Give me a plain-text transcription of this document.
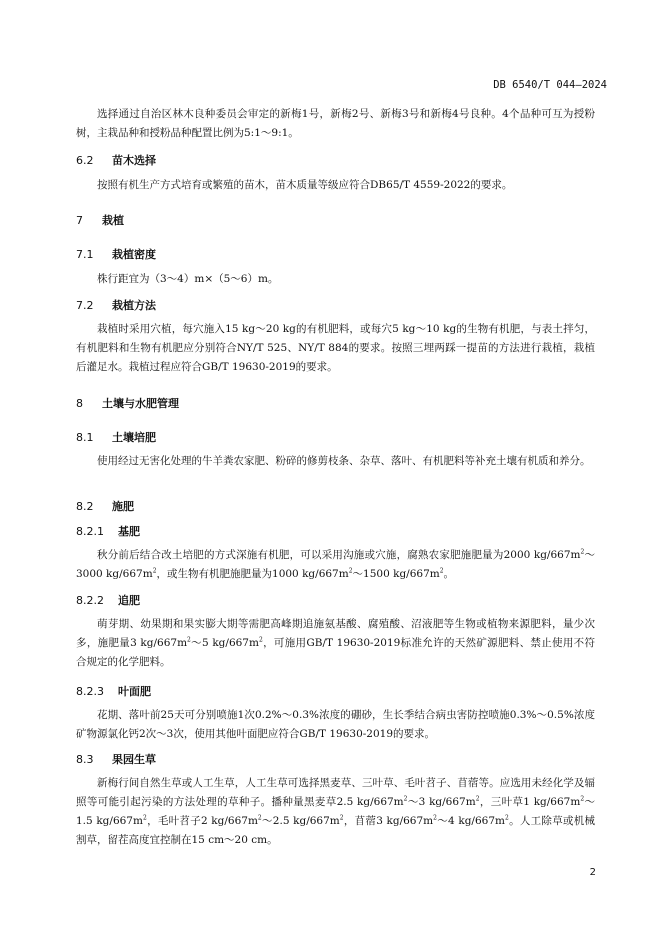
DB 6540/T 044—2024

选择通过自治区林木良种委员会审定的新梅1号，新梅2号、新梅3号和新梅4号良种。4个品种可互为授粉树，主栽品种和授粉品种配置比例为5:1～9:1。

6.2 苗木选择

按照有机生产方式培育或繁殖的苗木，苗木质量等级应符合DB65/T 4559-2022的要求。

7 栽植
7.1 栽植密度

株行距宜为（3～4）m×（5～6）m。

7.2 栽植方法

栽植时采用穴植，每穴施入15 kg～20 kg的有机肥料，或每穴5 kg～10 kg的生物有机肥，与表土拌匀，有机肥料和生物有机肥应分别符合NY/T 525、NY/T 884的要求。按照三埋两踩一提苗的方法进行栽植，栽植后灌足水。栽植过程应符合GB/T 19630-2019的要求。

8 土壤与水肥管理
8.1 土壤培肥

使用经过无害化处理的牛羊粪农家肥、粉碎的修剪枝条、杂草、落叶、有机肥料等补充土壤有机质和养分。

8.2 施肥
8.2.1 基肥

秋分前后结合改土培肥的方式深施有机肥，可以采用沟施或穴施，腐熟农家肥施肥量为2000 $kg/667m^2\sim 3000$ $kg/667m^2$，或生物有机肥施肥量为1000 $kg/667m^2\sim 1500$ $kg/667m^2$。

8.2.2 追肥

萌芽期、幼果期和果实膨大期等需肥高峰期追施氨基酸、腐殖酸、沼液肥等生物或植物来源肥料，量少次多，施肥量3 $kg/667m^2\sim 5$ $kg/667m^2$，可施用GB/T 19630-2019标准允许的天然矿源肥料、禁止使用不符合规定的化学肥料。

8.2.3 叶面肥

花期、落叶前25天可分别喷施1次0.2%～0.3%浓度的硼砂，生长季结合病虫害防控喷施0.3%～0.5%浓度矿物源氯化钙2次～3次，使用其他叶面肥应符合GB/T 19630-2019的要求。

8.3 果园生草

新梅行间自然生草或人工生草，人工生草可选择黑麦草、三叶草、毛叶苕子、苜蓿等。应选用未经化学及辐照等可能引起污染的方法处理的草种子。播种量黑麦草2.5 $kg/667m^2\sim 3$ $kg/667m^2$，三叶草1 $kg/667m^2\sim 1.5$ $kg/667m^2$，毛叶苕子2 $kg/667m^2\sim 2.5$ $kg/667m^2$，苜蓿3 $kg/667m^2\sim 4$ $kg/667m^2$。人工除草或机械割草，留茬高度宜控制在15 cm～20 cm。

2
